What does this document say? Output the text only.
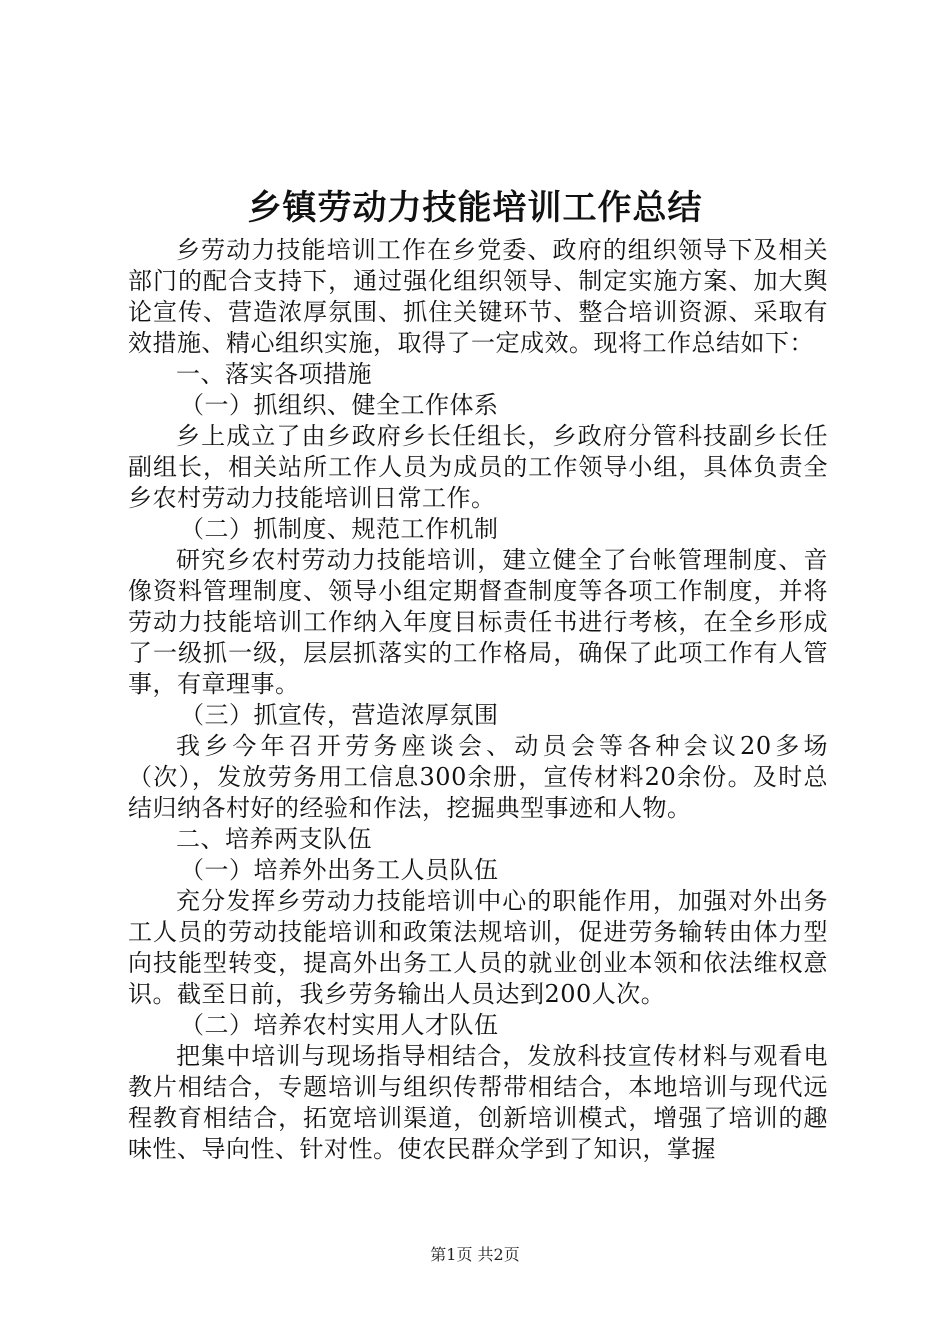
乡镇劳动力技能培训工作总结

乡劳动力技能培训工作在乡党委、政府的组织领导下及相关部门的配合支持下，通过强化组织领导、制定实施方案、加大舆论宣传、营造浓厚氛围、抓住关键环节、整合培训资源、采取有效措施、精心组织实施，取得了一定成效。现将工作总结如下：

一、落实各项措施

（一）抓组织、健全工作体系

乡上成立了由乡政府乡长任组长，乡政府分管科技副乡长任副组长，相关站所工作人员为成员的工作领导小组，具体负责全乡农村劳动力技能培训日常工作。

（二）抓制度、规范工作机制

研究乡农村劳动力技能培训，建立健全了台帐管理制度、音像资料管理制度、领导小组定期督查制度等各项工作制度，并将劳动力技能培训工作纳入年度目标责任书进行考核，在全乡形成了一级抓一级，层层抓落实的工作格局，确保了此项工作有人管事，有章理事。

（三）抓宣传，营造浓厚氛围

我乡今年召开劳务座谈会、动员会等各种会议20多场（次），发放劳务用工信息300余册，宣传材料20余份。及时总结归纳各村好的经验和作法，挖掘典型事迹和人物。

二、培养两支队伍

（一）培养外出务工人员队伍

充分发挥乡劳动力技能培训中心的职能作用，加强对外出务工人员的劳动技能培训和政策法规培训，促进劳务输转由体力型向技能型转变，提高外出务工人员的就业创业本领和依法维权意识。截至日前，我乡劳务输出人员达到200人次。

（二）培养农村实用人才队伍

把集中培训与现场指导相结合，发放科技宣传材料与观看电教片相结合，专题培训与组织传帮带相结合，本地培训与现代远程教育相结合，拓宽培训渠道，创新培训模式，增强了培训的趣味性、导向性、针对性。使农民群众学到了知识，掌握

第1页 共2页
